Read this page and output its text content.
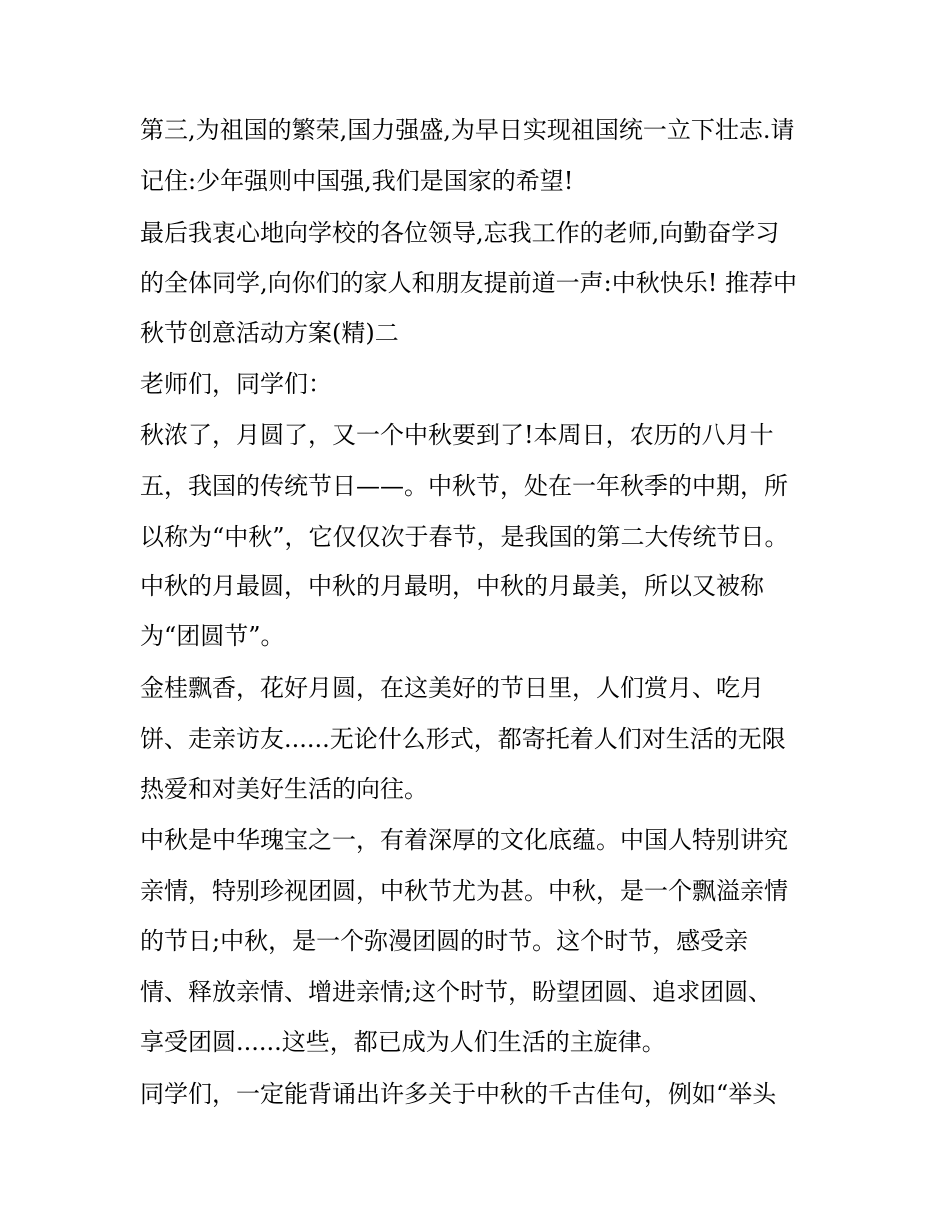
第三,为祖国的繁荣,国力强盛,为早日实现祖国统一立下壮志.请
记住:少年强则中国强,我们是国家的希望!
最后我衷心地向学校的各位领导,忘我工作的老师,向勤奋学习
的全体同学,向你们的家人和朋友提前道一声:中秋快乐! 推荐中
秋节创意活动方案(精)二
老师们，同学们：
秋浓了，月圆了，又一个中秋要到了!本周日，农历的八月十
五，我国的传统节日——。中秋节，处在一年秋季的中期，所
以称为“中秋”，它仅仅次于春节，是我国的第二大传统节日。
中秋的月最圆，中秋的月最明，中秋的月最美，所以又被称
为“团圆节”。
金桂飘香，花好月圆，在这美好的节日里，人们赏月、吃月
饼、走亲访友......无论什么形式，都寄托着人们对生活的无限
热爱和对美好生活的向往。
中秋是中华瑰宝之一，有着深厚的文化底蕴。中国人特别讲究
亲情，特别珍视团圆，中秋节尤为甚。中秋，是一个飘溢亲情
的节日;中秋，是一个弥漫团圆的时节。这个时节，感受亲
情、释放亲情、增进亲情;这个时节，盼望团圆、追求团圆、
享受团圆......这些，都已成为人们生活的主旋律。
同学们，一定能背诵出许多关于中秋的千古佳句，例如“举头
